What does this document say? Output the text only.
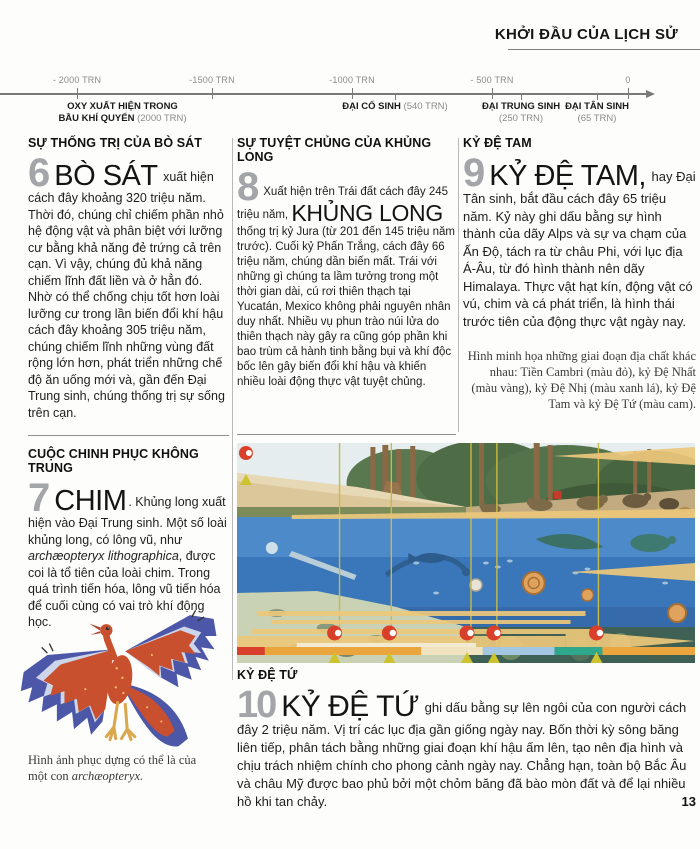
KHỞI ĐẦU CỦA LỊCH SỬ
- 2000 TRN	-1500 TRN	-1000 TRN	- 500 TRN	0
OXY XUẤT HIỆN TRONG
BẦU KHÍ QUYỂN (2000 TRN)
ĐẠI CỔ SINH (540 TRN)	ĐẠI TRUNG SINH
(250 TRN)
ĐẠI TÂN SINH
(65 TRN)
SỰ THỐNG TRỊ CỦA BÒ SÁT

6 BÒ SÁT xuất hiện cách đây khoảng 320 triệu năm. Thời đó, chúng chỉ chiếm phần nhỏ hệ động vật và phân biệt với lưỡng cư bằng khả năng đẻ trứng cả trên cạn. Vì vậy, chúng đủ khả năng chiếm lĩnh đất liền và ở hẳn đó. Nhờ có thể chống chịu tốt hơn loài lưỡng cư trong lần biến đổi khí hậu cách đây khoảng 305 triệu năm, chúng chiếm lĩnh những vùng đất rộng lớn hơn, phát triển những chế độ ăn uống mới và, gần đến Đại Trung sinh, chúng thống trị sự sống trên cạn.

CUỘC CHINH PHỤC KHÔNG TRUNG

7 CHIM . Khủng long xuất hiện vào Đại Trung sinh. Một số loài khủng long, có lông vũ, như archæopteryx lithographica, được coi là tổ tiên của loài chim. Trong quá trình tiến hóa, lông vũ tiến hóa để cuối cùng có vai trò khí động học.

Hình ảnh phục dựng có thể là của một con archæopteryx.
SỰ TUYỆT CHỦNG CỦA KHỦNG LONG

8 Xuất hiện trên Trái đất cách đây 245 triệu năm, KHỦNG LONG thống trị kỷ Jura (từ 201 đến 145 triệu năm trước). Cuối kỷ Phấn Trắng, cách đây 66 triệu năm, chúng dần biến mất. Trái với những gì chúng ta lầm tưởng trong một thời gian dài, cú rơi thiên thạch tại Yucatán, Mexico không phải nguyên nhân duy nhất. Nhiều vụ phun trào núi lửa do thiên thạch này gây ra cũng góp phần khi bao trùm cả hành tinh bằng bụi và khí độc bốc lên gây biến đổi khí hậu và khiến nhiều loài động thực vật tuyệt chủng.

KỶ ĐỆ TAM

9 KỶ ĐỆ TAM, hay Đại Tân sinh, bắt đầu cách đây 65 triệu năm. Kỷ này ghi dấu bằng sự hình thành của dãy Alps và sự va chạm của Ấn Độ, tách ra từ châu Phi, với lục địa Á-Âu, từ đó hình thành nên dãy Himalaya. Thực vật hạt kín, động vật có vú, chim và cá phát triển, là hình thái trước tiên của động thực vật ngày nay.

Hình minh họa những giai đoạn địa chất khác nhau: Tiền Cambri (màu đỏ), kỷ Đệ Nhất (màu vàng), kỷ Đệ Nhị (màu xanh lá), kỷ Đệ Tam và kỷ Đệ Tứ (màu cam).
KỶ ĐỆ TỨ

10 KỶ ĐỆ TỨ ghi dấu bằng sự lên ngôi của con người cách đây 2 triệu năm. Vị trí các lục địa gần giống ngày nay. Bốn thời kỳ sông băng liên tiếp, phân tách bằng những giai đoạn khí hậu ấm lên, tạo nên địa hình và chịu trách nhiệm chính cho phong cảnh ngày nay. Chẳng hạn, toàn bộ Bắc Âu và châu Mỹ được bao phủ bởi một chỏm băng đã bào mòn đất và để lại nhiều hồ khi tan chảy.	13
